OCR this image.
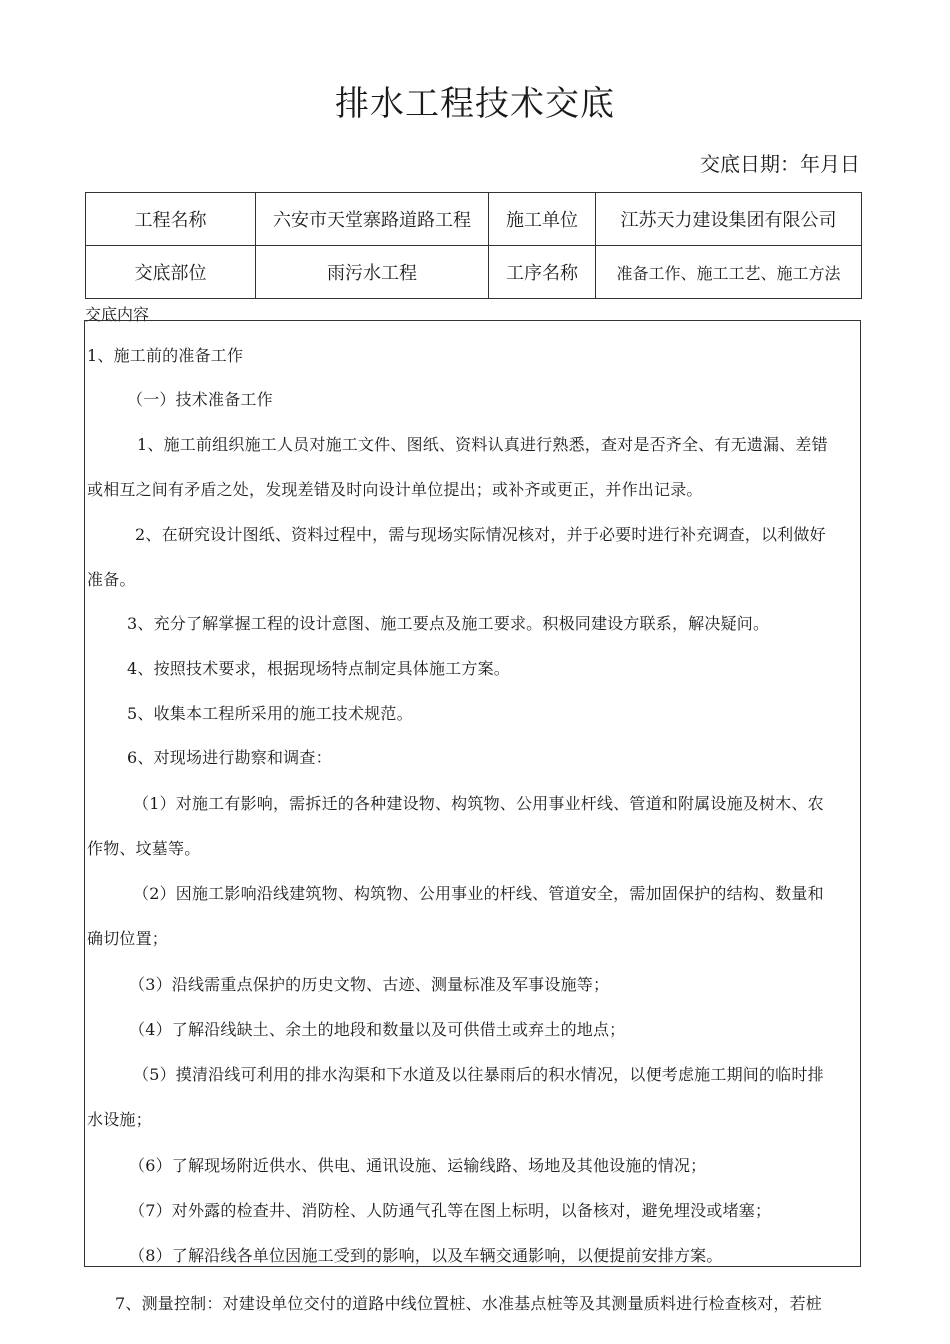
排水工程技术交底
交底日期：年月日
工程名称	六安市天堂寨路道路工程	施工单位	江苏天力建设集团有限公司
交底部位	雨污水工程	工序名称	准备工作、施工工艺、施工方法
交底内容
1、施工前的准备工作
（一）技术准备工作
1、施工前组织施工人员对施工文件、图纸、资料认真进行熟悉，查对是否齐全、有无遗漏、差错
或相互之间有矛盾之处，发现差错及时向设计单位提出；或补齐或更正，并作出记录。
2、在研究设计图纸、资料过程中，需与现场实际情况核对，并于必要时进行补充调查，以利做好
准备。
3、充分了解掌握工程的设计意图、施工要点及施工要求。积极同建设方联系，解决疑问。
4、按照技术要求，根据现场特点制定具体施工方案。
5、收集本工程所采用的施工技术规范。
6、对现场进行勘察和调查：
（1）对施工有影响，需拆迁的各种建设物、构筑物、公用事业杆线、管道和附属设施及树木、农
作物、坟墓等。
（2）因施工影响沿线建筑物、构筑物、公用事业的杆线、管道安全，需加固保护的结构、数量和
确切位置；
（3）沿线需重点保护的历史文物、古迹、测量标准及军事设施等；
（4）了解沿线缺土、余土的地段和数量以及可供借土或弃土的地点；
（5）摸清沿线可利用的排水沟渠和下水道及以往暴雨后的积水情况，以便考虑施工期间的临时排
水设施；
（6）了解现场附近供水、供电、通讯设施、运输线路、场地及其他设施的情况；
（7）对外露的检查井、消防栓、人防通气孔等在图上标明，以备核对，避免埋没或堵塞；
（8）了解沿线各单位因施工受到的影响，以及车辆交通影响，以便提前安排方案。
7、测量控制：对建设单位交付的道路中线位置桩、水准基点桩等及其测量质料进行检查核对，若桩
